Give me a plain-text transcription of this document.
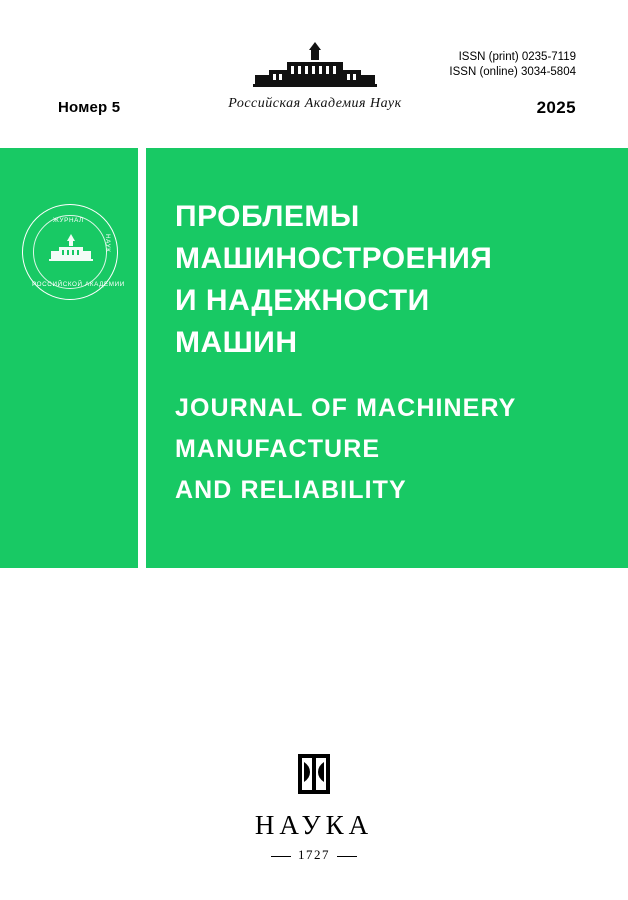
ISSN (print) 0235-7119
ISSN (online) 3034-5804
Номер 5	2025
Российская Академия Наук
ЖУРНАЛ
НАУК
РОССИЙСКОЙ АКАДЕМИИ
ПРОБЛЕМЫ
МАШИНОСТРОЕНИЯ
И НАДЕЖНОСТИ
МАШИН
JOURNAL OF MACHINERY
MANUFACTURE
AND RELIABILITY
НАУКА
1727
